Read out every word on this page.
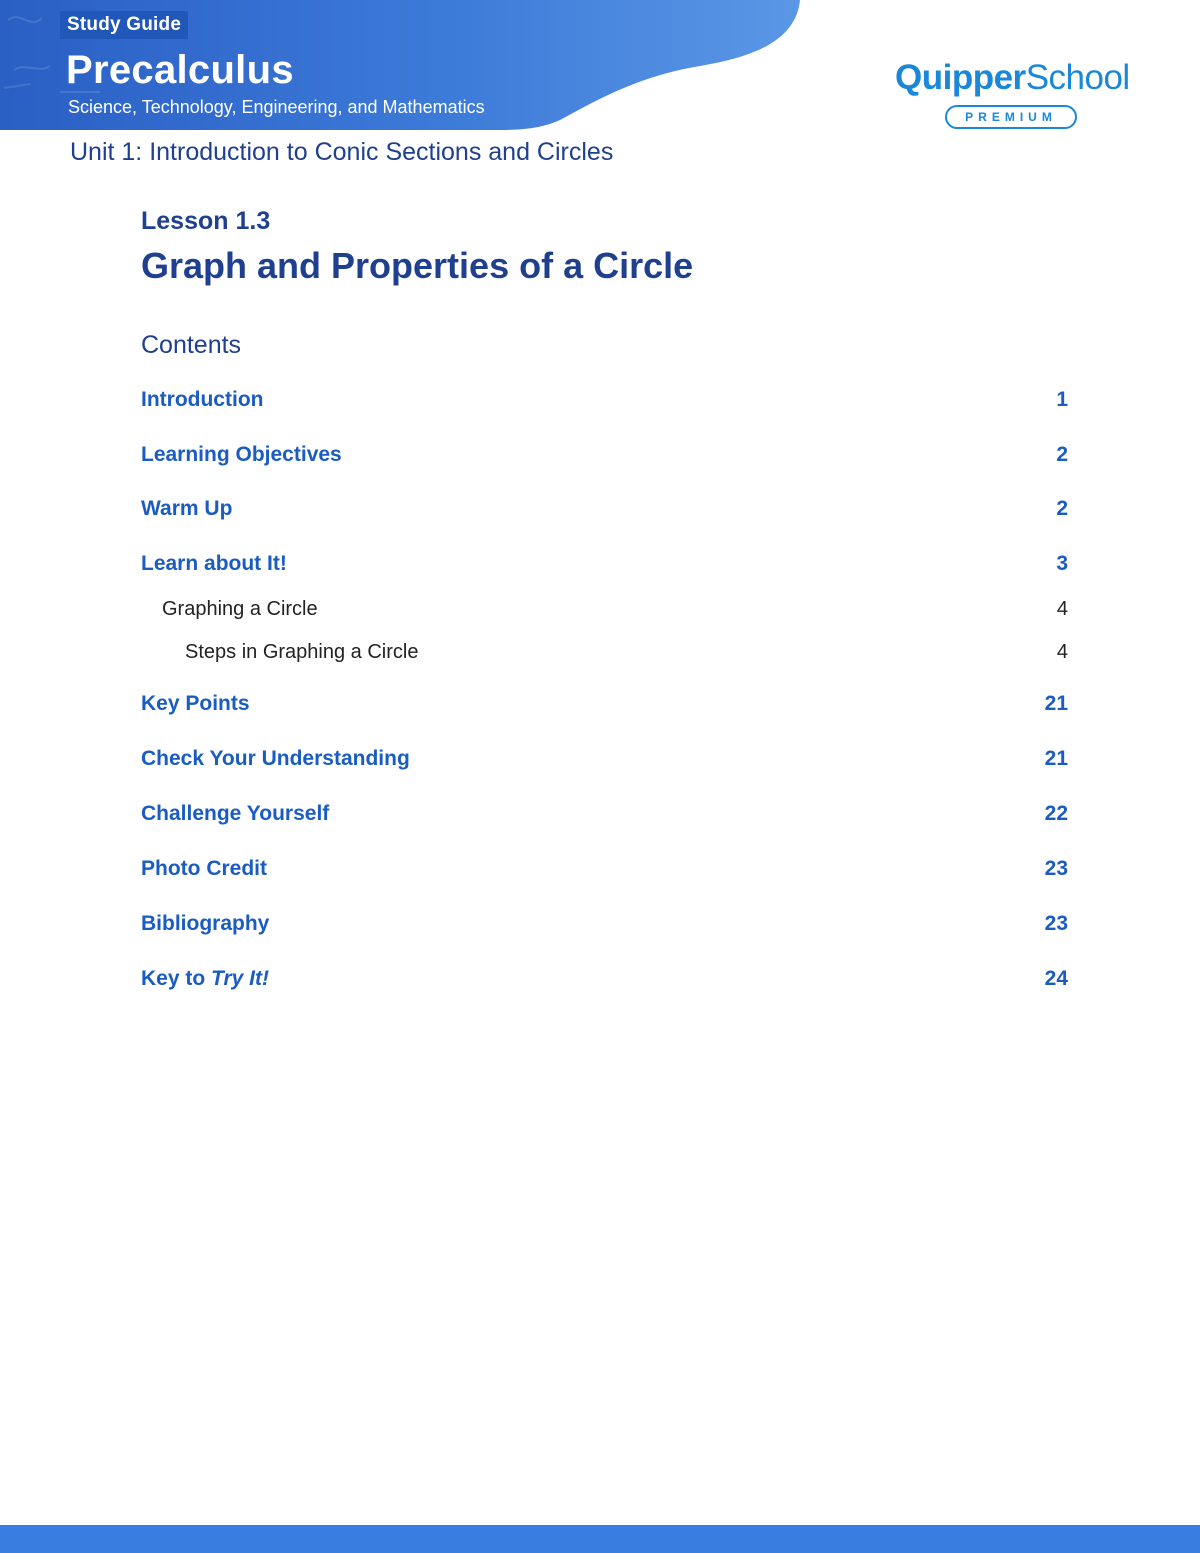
Study Guide
Precalculus
Science, Technology, Engineering, and Mathematics
QuipperSchool
PREMIUM
Unit 1: Introduction to Conic Sections and Circles
Lesson 1.3
Graph and Properties of a Circle
Contents
Introduction	1
Learning Objectives	2
Warm Up	2
Learn about It!	3
Graphing a Circle	4
Steps in Graphing a Circle	4
Key Points	21
Check Your Understanding	21
Challenge Yourself	22
Photo Credit	23
Bibliography	23
Key to Try It!	24
